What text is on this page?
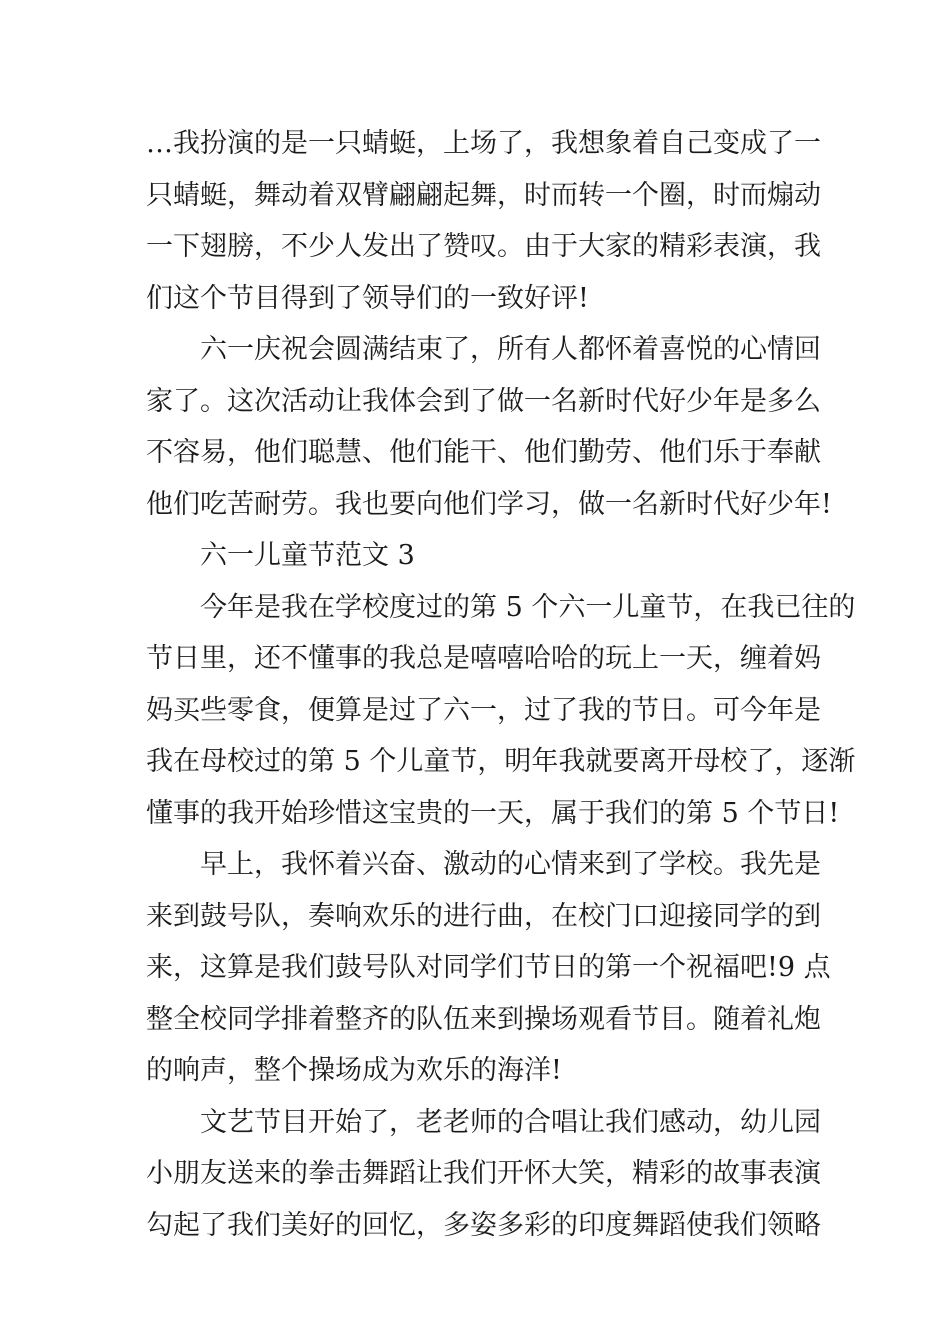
…我扮演的是一只蜻蜓，上场了，我想象着自己变成了一
只蜻蜓，舞动着双臂翩翩起舞，时而转一个圈，时而煽动
一下翅膀，不少人发出了赞叹。由于大家的精彩表演，我
们这个节目得到了领导们的一致好评!
六一庆祝会圆满结束了，所有人都怀着喜悦的心情回
家了。这次活动让我体会到了做一名新时代好少年是多么
不容易，他们聪慧、他们能干、他们勤劳、他们乐于奉献
他们吃苦耐劳。我也要向他们学习，做一名新时代好少年!
六一儿童节范文 3
今年是我在学校度过的第 5 个六一儿童节，在我已往的
节日里，还不懂事的我总是嘻嘻哈哈的玩上一天，缠着妈
妈买些零食，便算是过了六一，过了我的节日。可今年是
我在母校过的第 5 个儿童节，明年我就要离开母校了，逐渐
懂事的我开始珍惜这宝贵的一天，属于我们的第 5 个节日!
早上，我怀着兴奋、激动的心情来到了学校。我先是
来到鼓号队，奏响欢乐的进行曲，在校门口迎接同学的到
来，这算是我们鼓号队对同学们节日的第一个祝福吧!9 点
整全校同学排着整齐的队伍来到操场观看节目。随着礼炮
的响声，整个操场成为欢乐的海洋!
文艺节目开始了，老老师的合唱让我们感动，幼儿园
小朋友送来的拳击舞蹈让我们开怀大笑，精彩的故事表演
勾起了我们美好的回忆，多姿多彩的印度舞蹈使我们领略
